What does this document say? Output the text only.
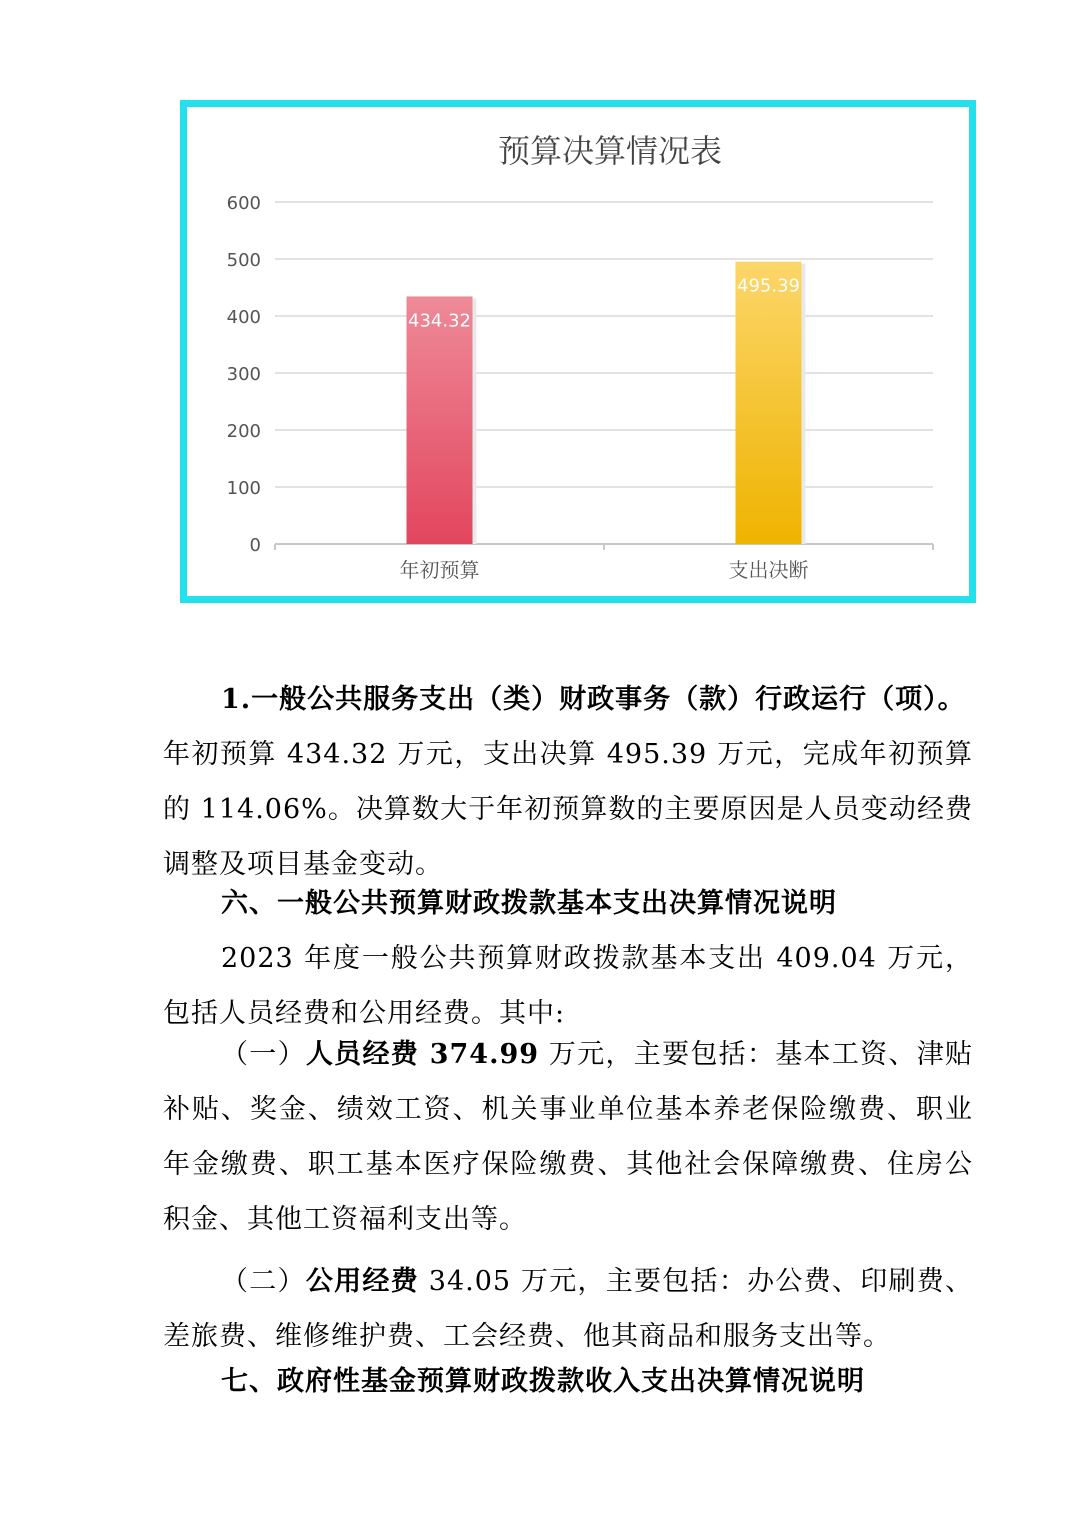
预算决算情况表
0
100
200
300
400
500
600
434.32
年初预算
495.39
支出决断

1.一般公共服务支出（类）财政事务（款）行政运行（项）。

年初预算 434.32 万元，支出决算 495.39 万元，完成年初预算的 114.06%。决算数大于年初预算数的主要原因是人员变动经费调整及项目基金变动。

六、一般公共预算财政拨款基本支出决算情况说明

2023 年度一般公共预算财政拨款基本支出 409.04 万元，包括人员经费和公用经费。其中:

（一）人员经费 374.99 万元，主要包括：基本工资、津贴补贴、奖金、绩效工资、机关事业单位基本养老保险缴费、职业年金缴费、职工基本医疗保险缴费、其他社会保障缴费、住房公积金、其他工资福利支出等。

（二）公用经费 34.05 万元，主要包括：办公费、印刷费、差旅费、维修维护费、工会经费、他其商品和服务支出等。

七、政府性基金预算财政拨款收入支出决算情况说明
